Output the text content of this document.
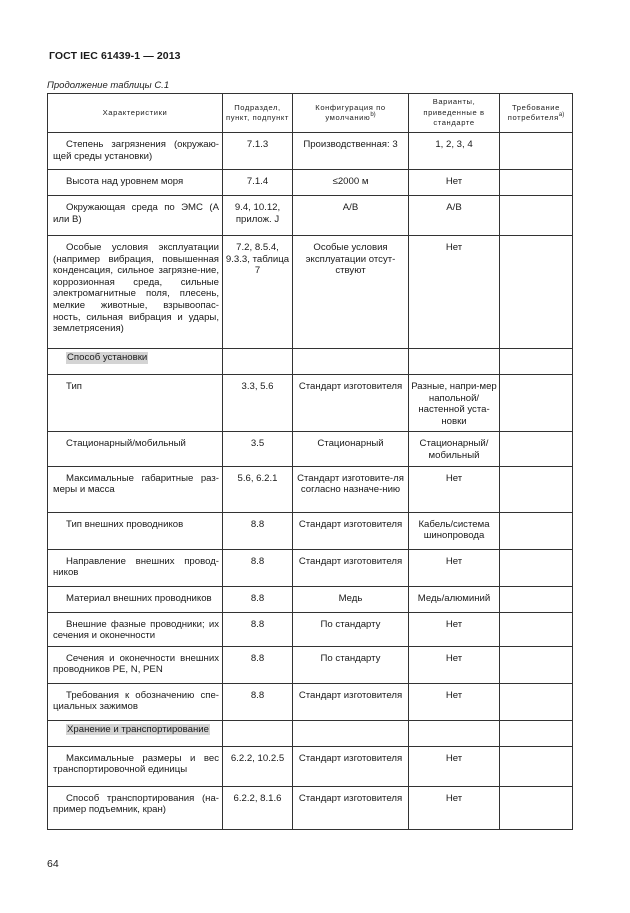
ГОСТ IEC 61439-1 — 2013
Продолжение таблицы С.1
Характеристики	Подраздел, пункт, подпункт	Конфигурация по умолчанию$^{b)}$	Варианты, приведенные в стандарте	Требование потребителя$^{a)}$

Степень загрязнения (окружаю-щей среды установки)	7.1.3	Производственная: 3	1, 2, 3, 4	

Высота над уровнем моря	7.1.4	≤2000 м	Нет	

Окружающая среда по ЭМС (А или В)	9.4, 10.12, прилож. J	А/В	А/В	

Особые условия эксплуатации (например вибрация, повышенная конденсация, сильное загрязне-ние, коррозионная среда, сильные электромагнитные поля, плесень, мелкие животные, взрывоопас-ность, сильная вибрация и удары, землетрясения)	7.2, 8.5.4, 9.3.3, таблица 7	Особые условия эксплуатации отсут-ствуют	Нет	

Способ установки				

Тип	3.3, 5.6	Стандарт изготовителя	Разные, напри-мер напольной/ настенной уста-новки	

Стационарный/мобильный	3.5	Стационарный	Стационарный/ мобильный	

Максимальные габаритные раз-меры и масса	5.6, 6.2.1	Стандарт изготовите-ля согласно назначе-нию	Нет	

Тип внешних проводников	8.8	Стандарт изготовителя	Кабель/система шинопровода	

Направление внешних провод-ников	8.8	Стандарт изготовителя	Нет	

Материал внешних проводников	8.8	Медь	Медь/алюминий	

Внешние фазные проводники; их сечения и оконечности	8.8	По стандарту	Нет	

Сечения и оконечности внешних проводников PE, N, PEN	8.8	По стандарту	Нет	

Требования к обозначению спе-циальных зажимов	8.8	Стандарт изготовителя	Нет	

Хранение и транспортирование				

Максимальные размеры и вес транспортировочной единицы	6.2.2, 10.2.5	Стандарт изготовителя	Нет	

Способ транспортирования (на-пример подъемник, кран)	6.2.2, 8.1.6	Стандарт изготовителя	Нет	

64
